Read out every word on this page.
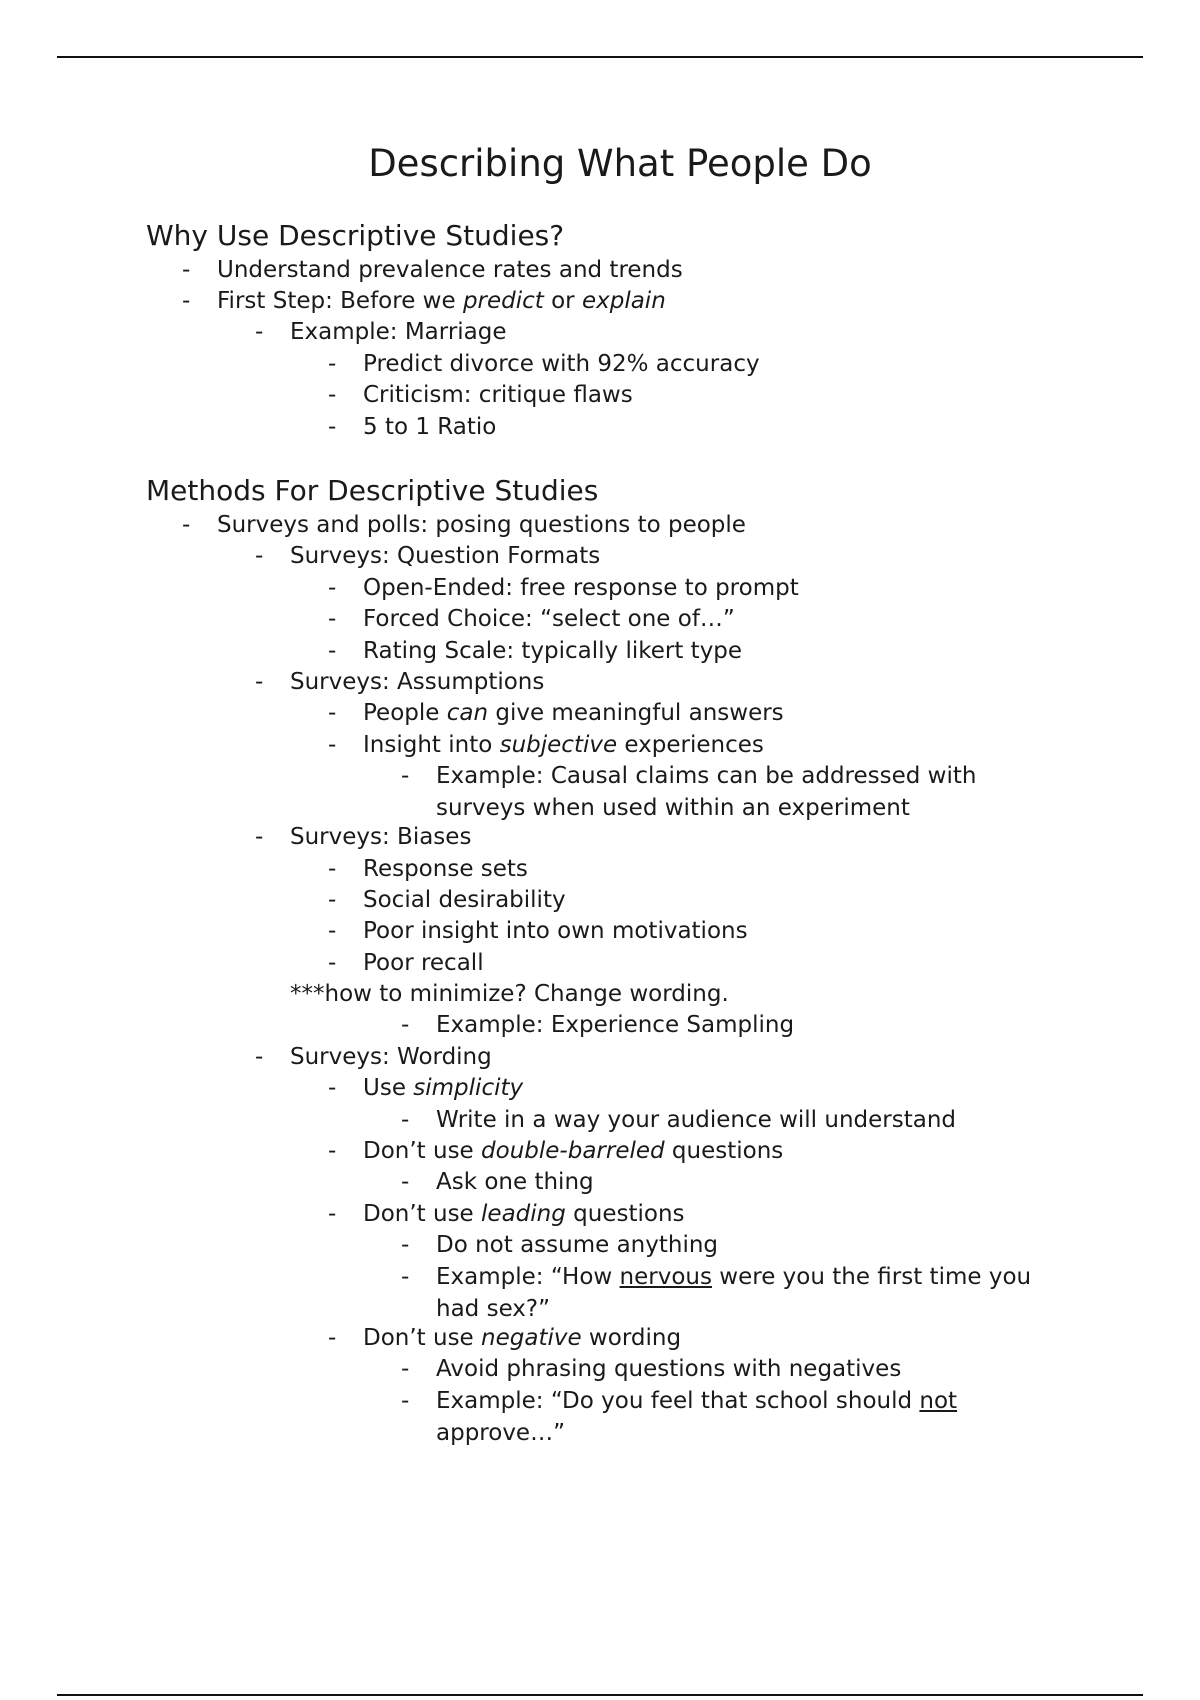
Describing What People Do
Why Use Descriptive Studies?
- Understand prevalence rates and trends
- First Step: Before we predict or explain
- Example: Marriage
- Predict divorce with 92% accuracy
- Criticism: critique flaws
- 5 to 1 Ratio
Methods For Descriptive Studies
- Surveys and polls: posing questions to people
- Surveys: Question Formats
- Open-Ended: free response to prompt
- Forced Choice: “select one of…”
- Rating Scale: typically likert type
- Surveys: Assumptions
- People can give meaningful answers
- Insight into subjective experiences
- Example: Causal claims can be addressed with
surveys when used within an experiment
- Surveys: Biases
- Response sets
- Social desirability
- Poor insight into own motivations
- Poor recall
***how to minimize? Change wording.
- Example: Experience Sampling
- Surveys: Wording
- Use simplicity
- Write in a way your audience will understand
- Don’t use double-barreled questions
- Ask one thing
- Don’t use leading questions
- Do not assume anything
- Example: “How nervous were you the first time you
had sex?”
- Don’t use negative wording
- Avoid phrasing questions with negatives
- Example: “Do you feel that school should not
approve…”
